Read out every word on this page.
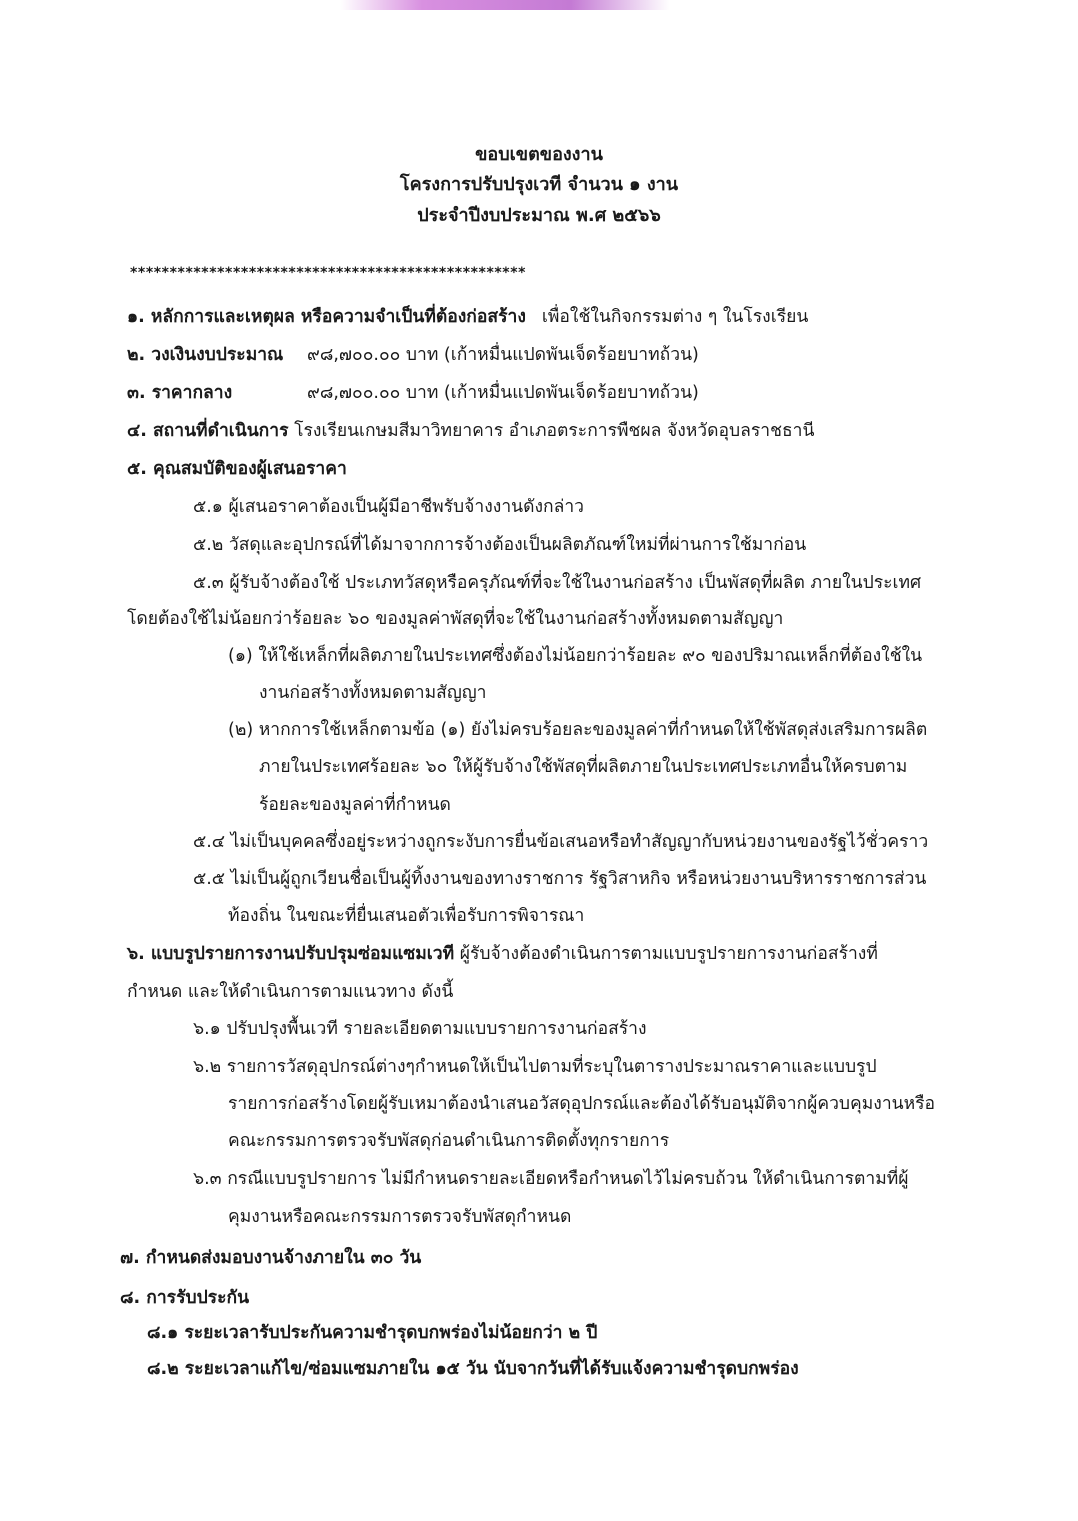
ขอบเขตของงาน
โครงการปรับปรุงเวที จำนวน ๑ งาน
ประจำปีงบประมาณ พ.ศ ๒๕๖๖
**************************************************
๑. หลักการและเหตุผล หรือความจำเป็นที่ต้องก่อสร้าง เพื่อใช้ในกิจกรรมต่าง ๆ ในโรงเรียน
๒. วงเงินงบประมาณ ๙๘,๗๐๐.๐๐ บาท (เก้าหมื่นแปดพันเจ็ดร้อยบาทถ้วน)
๓. ราคากลาง	๙๘,๗๐๐.๐๐ บาท (เก้าหมื่นแปดพันเจ็ดร้อยบาทถ้วน)
๔. สถานที่ดำเนินการ โรงเรียนเกษมสีมาวิทยาคาร อำเภอตระการพืชผล จังหวัดอุบลราชธานี
๕. คุณสมบัติของผู้เสนอราคา
๕.๑ ผู้เสนอราคาต้องเป็นผู้มีอาชีพรับจ้างงานดังกล่าว
๕.๒ วัสดุและอุปกรณ์ที่ได้มาจากการจ้างต้องเป็นผลิตภัณฑ์ใหม่ที่ผ่านการใช้มาก่อน
๕.๓ ผู้รับจ้างต้องใช้ ประเภทวัสดุหรือครุภัณฑ์ที่จะใช้ในงานก่อสร้าง เป็นพัสดุที่ผลิต ภายในประเทศ
โดยต้องใช้ไม่น้อยกว่าร้อยละ ๖๐ ของมูลค่าพัสดุที่จะใช้ในงานก่อสร้างทั้งหมดตามสัญญา
(๑) ให้ใช้เหล็กที่ผลิตภายในประเทศซึ่งต้องไม่น้อยกว่าร้อยละ ๙๐ ของปริมาณเหล็กที่ต้องใช้ใน
งานก่อสร้างทั้งหมดตามสัญญา
(๒) หากการใช้เหล็กตามข้อ (๑) ยังไม่ครบร้อยละของมูลค่าที่กำหนดให้ใช้พัสดุส่งเสริมการผลิต
ภายในประเทศร้อยละ ๖๐ ให้ผู้รับจ้างใช้พัสดุที่ผลิตภายในประเทศประเภทอื่นให้ครบตาม
ร้อยละของมูลค่าที่กำหนด
๕.๔ ไม่เป็นบุคคลซึ่งอยู่ระหว่างถูกระงับการยื่นข้อเสนอหรือทำสัญญากับหน่วยงานของรัฐไว้ชั่วคราว
๕.๕ ไม่เป็นผู้ถูกเวียนชื่อเป็นผู้ทิ้งงานของทางราชการ รัฐวิสาหกิจ หรือหน่วยงานบริหารราชการส่วน
ท้องถิ่น ในขณะที่ยื่นเสนอตัวเพื่อรับการพิจารณา
๖. แบบรูปรายการงานปรับปรุมซ่อมแซมเวที ผู้รับจ้างต้องดำเนินการตามแบบรูปรายการงานก่อสร้างที่
กำหนด และให้ดำเนินการตามแนวทาง ดังนี้
๖.๑ ปรับปรุงพื้นเวที รายละเอียดตามแบบรายการงานก่อสร้าง
๖.๒ รายการวัสดุอุปกรณ์ต่างๆกำหนดให้เป็นไปตามที่ระบุในตารางประมาณราคาและแบบรูป
รายการก่อสร้างโดยผู้รับเหมาต้องนำเสนอวัสดุอุปกรณ์และต้องได้รับอนุมัติจากผู้ควบคุมงานหรือ
คณะกรรมการตรวจรับพัสดุก่อนดำเนินการติดตั้งทุกรายการ
๖.๓ กรณีแบบรูปรายการ ไม่มีกำหนดรายละเอียดหรือกำหนดไว้ไม่ครบถ้วน ให้ดำเนินการตามที่ผู้
คุมงานหรือคณะกรรมการตรวจรับพัสดุกำหนด
๗. กำหนดส่งมอบงานจ้างภายใน ๓๐ วัน
๘. การรับประกัน
๘.๑ ระยะเวลารับประกันความชำรุดบกพร่องไม่น้อยกว่า ๒ ปี
๘.๒ ระยะเวลาแก้ไข/ซ่อมแซมภายใน ๑๕ วัน นับจากวันที่ได้รับแจ้งความชำรุดบกพร่อง
